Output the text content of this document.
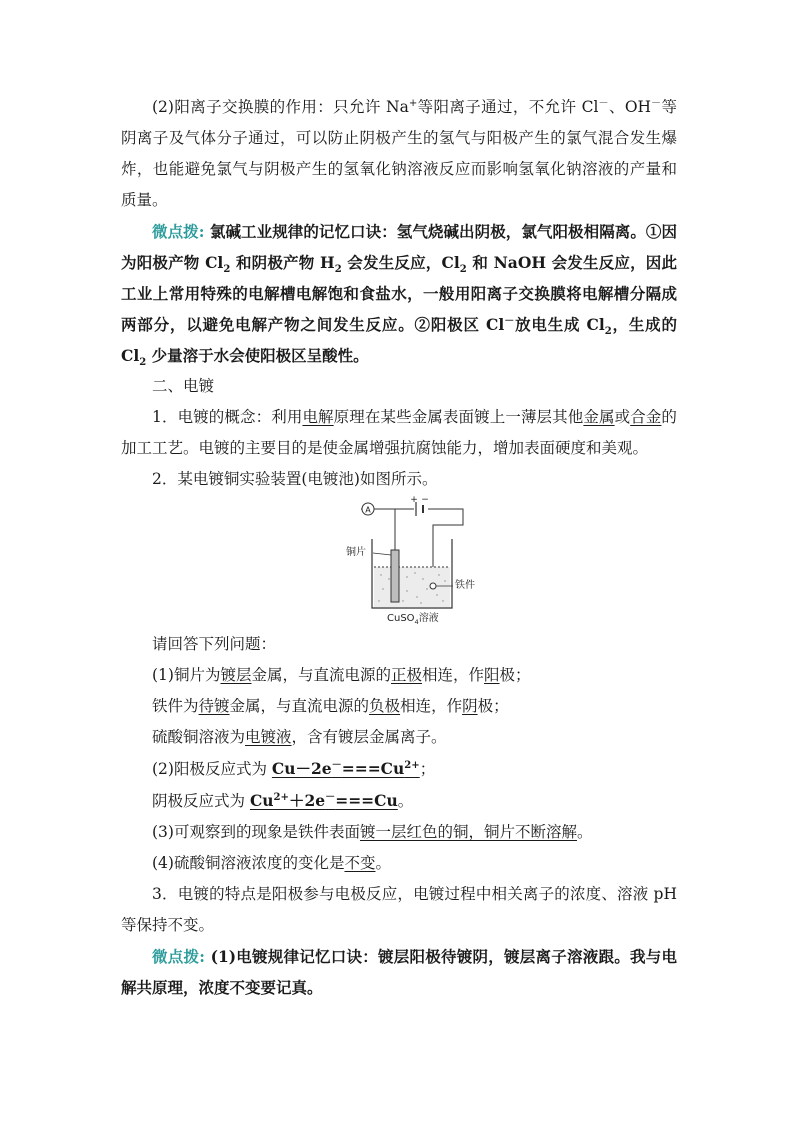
(2)阳离子交换膜的作用：只允许 Na+等阳离子通过，不允许 Cl－、OH－等阴离子及气体分子通过，可以防止阴极产生的氢气与阳极产生的氯气混合发生爆炸，也能避免氯气与阴极产生的氢氧化钠溶液反应而影响氢氧化钠溶液的产量和质量。

微点拨: 氯碱工业规律的记忆口诀：氢气烧碱出阴极，氯气阳极相隔离。①因为阳极产物 $Cl_2$ 和阴极产物 $H_2$ 会发生反应，$Cl_2$ 和 NaOH 会发生反应，因此工业上常用特殊的电解槽电解饱和食盐水，一般用阳离子交换膜将电解槽分隔成两部分，以避免电解产物之间发生反应。②阳极区 Cl－放电生成 $Cl_2$，生成的 $Cl_2$ 少量溶于水会使阳极区呈酸性。

二、电镀

1．电镀的概念：利用电解原理在某些金属表面镀上一薄层其他金属或合金的加工工艺。电镀的主要目的是使金属增强抗腐蚀能力，增加表面硬度和美观。

2．某电镀铜实验装置(电镀池)如图所示。

A
+ −
铜片
铁件
CuSO$_4$溶液

请回答下列问题：

(1)铜片为镀层金属，与直流电源的正极相连，作阳极；

铁件为待镀金属，与直流电源的负极相连，作阴极；

硫酸铜溶液为电镀液，含有镀层金属离子。

(2)阳极反应式为 $Cu-2e^-===Cu^{2+}$；

阴极反应式为 $Cu^{2+}+2e^-===Cu$。

(3)可观察到的现象是铁件表面镀一层红色的铜，铜片不断溶解。

(4)硫酸铜溶液浓度的变化是不变。

3．电镀的特点是阳极参与电极反应，电镀过程中相关离子的浓度、溶液 pH 等保持不变。

微点拨: (1)电镀规律记忆口诀：镀层阳极待镀阴，镀层离子溶液跟。我与电解共原理，浓度不变要记真。
